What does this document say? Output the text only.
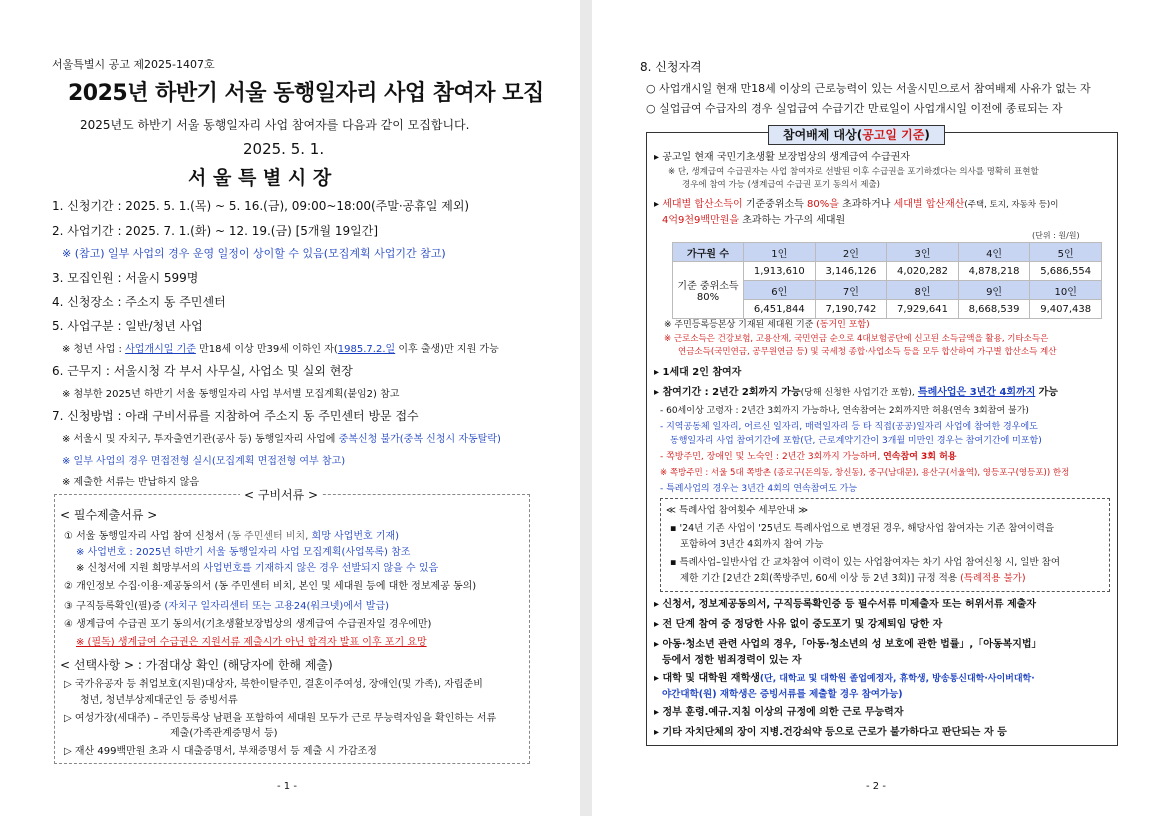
서울특별시 공고 제2025-1407호
2025년 하반기 서울 동행일자리 사업 참여자 모집
2025년도 하반기 서울 동행일자리 사업 참여자를 다음과 같이 모집합니다.
2025. 5. 1.
서 울 특 별 시 장
1. 신청기간 : 2025. 5. 1.(목) ~ 5. 16.(금), 09:00~18:00(주말·공휴일 제외)
2. 사업기간 : 2025. 7. 1.(화) ~ 12. 19.(금) [5개월 19일간]
※ (참고) 일부 사업의 경우 운영 일정이 상이할 수 있음(모집계획 사업기간 참고)
3. 모집인원 : 서울시 599명
4. 신청장소 : 주소지 동 주민센터
5. 사업구분 : 일반/청년 사업
※ 청년 사업 : 사업개시일 기준 만18세 이상 만39세 이하인 자(1985.7.2.일 이후 출생)만 지원 가능
6. 근무지 : 서울시청 각 부서 사무실, 사업소 및 실외 현장
※ 첨부한 2025년 하반기 서울 동행일자리 사업 부서별 모집계획(붙임2) 참고
7. 신청방법 : 아래 구비서류를 지참하여 주소지 동 주민센터 방문 접수
※ 서울시 및 자치구, 투자출연기관(공사 등) 동행일자리 사업에 중복신청 불가(중복 신청시 자동탈락)
※ 일부 사업의 경우 면접전형 실시(모집계획 면접전형 여부 참고)
※ 제출한 서류는 반납하지 않음
< 구비서류 >
< 필수제출서류 >
① 서울 동행일자리 사업 참여 신청서 (동 주민센터 비치, 희망 사업번호 기재)
※ 사업번호 : 2025년 하반기 서울 동행일자리 사업 모집계획(사업목록) 참조
※ 신청서에 지원 희망부서의 사업번호를 기재하지 않은 경우 선발되지 않을 수 있음
② 개인정보 수집·이용·제공동의서 (동 주민센터 비치, 본인 및 세대원 등에 대한 정보제공 동의)
③ 구직등록확인(필)증 (자치구 일자리센터 또는 고용24(워크넷)에서 발급)
④ 생계급여 수급권 포기 동의서(기초생활보장법상의 생계급여 수급권자일 경우에만)
※ (필독) 생계급여 수급권은 지원서류 제출시가 아닌 합격자 발표 이후 포기 요망
< 선택사항 > : 가점대상 확인 (해당자에 한해 제출)
▷ 국가유공자 등 취업보호(지원)대상자, 북한이탈주민, 결혼이주여성, 장애인(및 가족), 자립준비
청년, 청년부상제대군인 등 증빙서류
▷ 여성가장(세대주) – 주민등록상 남편을 포함하여 세대원 모두가 근로 무능력자임을 확인하는 서류
제출(가족관계증명서 등)
▷ 재산 499백만원 초과 시 대출증명서, 부채증명서 등 제출 시 가감조정
- 1 -
8. 신청자격
○ 사업개시일 현재 만18세 이상의 근로능력이 있는 서울시민으로서 참여배제 사유가 없는 자
○ 실업급여 수급자의 경우 실업급여 수급기간 만료일이 사업개시일 이전에 종료되는 자
참여배제 대상(공고일 기준)
▸ 공고일 현재 국민기초생활 보장법상의 생계급여 수급권자
※ 단, 생계급여 수급권자는 사업 참여자로 선발된 이후 수급권을 포기하겠다는 의사를 명확히 표현할
경우에 참여 가능 (생계급여 수급권 포기 동의서 제출)
▸ 세대별 합산소득이 기준중위소득 80%을 초과하거나 세대별 합산재산(주택, 토지, 자동차 등)이
4억9천9백만원을 초과하는 가구의 세대원
(단위 : 원/원)
가구원 수	1인	2인	3인	4인	5인

기준 중위소득
80%	1,913,610	3,146,126	4,020,282	4,878,218	5,686,554
	6인	7인	8인	9인	10인
	6,451,844	7,190,742	7,929,641	8,668,539	9,407,438
※ 주민등록등본상 기재된 세대원 기준 (동거인 포함)
※ 근로소득은 건강보험, 고용산재, 국민연금 순으로 4대보험공단에 신고된 소득금액을 활용, 기타소득은
연금소득(국민연금, 공무원연금 등) 및 국세청 종합·사업소득 등을 모두 합산하여 가구별 합산소득 계산
▸ 1세대 2인 참여자
▸ 참여기간 : 2년간 2회까지 가능(당해 신청한 사업기간 포함), 특례사업은 3년간 4회까지 가능
- 60세이상 고령자 : 2년간 3회까지 가능하나, 연속참여는 2회까지만 허용(연속 3회참여 불가)
- 지역공동체 일자리, 어르신 일자리, 매력일자리 등 타 직접(공공)일자리 사업에 참여한 경우에도
동행일자리 사업 참여기간에 포함(단, 근로계약기간이 3개월 미만인 경우는 참여기간에 미포함)
- 쪽방주민, 장애인 및 노숙인 : 2년간 3회까지 가능하며, 연속참여 3회 허용
※ 쪽방주민 : 서울 5대 쪽방촌 (종로구(돈의동, 창신동), 중구(남대문), 용산구(서울역), 영등포구(영등포)) 한정
- 특례사업의 경우는 3년간 4회의 연속참여도 가능
≪ 특례사업 참여횟수 세부안내 ≫
▪ '24년 기존 사업이 '25년도 특례사업으로 변경된 경우, 해당사업 참여자는 기존 참여이력을
포함하여 3년간 4회까지 참여 가능
▪ 특례사업–일반사업 간 교차참여 이력이 있는 사업참여자는 차기 사업 참여신청 시, 일반 참여
제한 기간 [2년간 2회(쪽방주민, 60세 이상 등 2년 3회)] 규정 적용 (특례적용 불가)
▸ 신청서, 정보제공동의서, 구직등록확인증 등 필수서류 미제출자 또는 허위서류 제출자
▸ 전 단계 참여 중 정당한 사유 없이 중도포기 및 강제퇴임 당한 자
▸ 아동·청소년 관련 사업의 경우,「아동·청소년의 성 보호에 관한 법률」,「아동복지법」
등에서 정한 범죄경력이 있는 자
▸ 대학 및 대학원 재학생(단, 대학교 및 대학원 졸업예정자, 휴학생, 방송통신대학·사이버대학·
야간대학(원) 재학생은 증빙서류를 제출할 경우 참여가능)
▸ 정부 훈령.예규.지침 이상의 규정에 의한 근로 무능력자
▸ 기타 자치단체의 장이 지병.건강쇠약 등으로 근로가 불가하다고 판단되는 자 등
- 2 -
